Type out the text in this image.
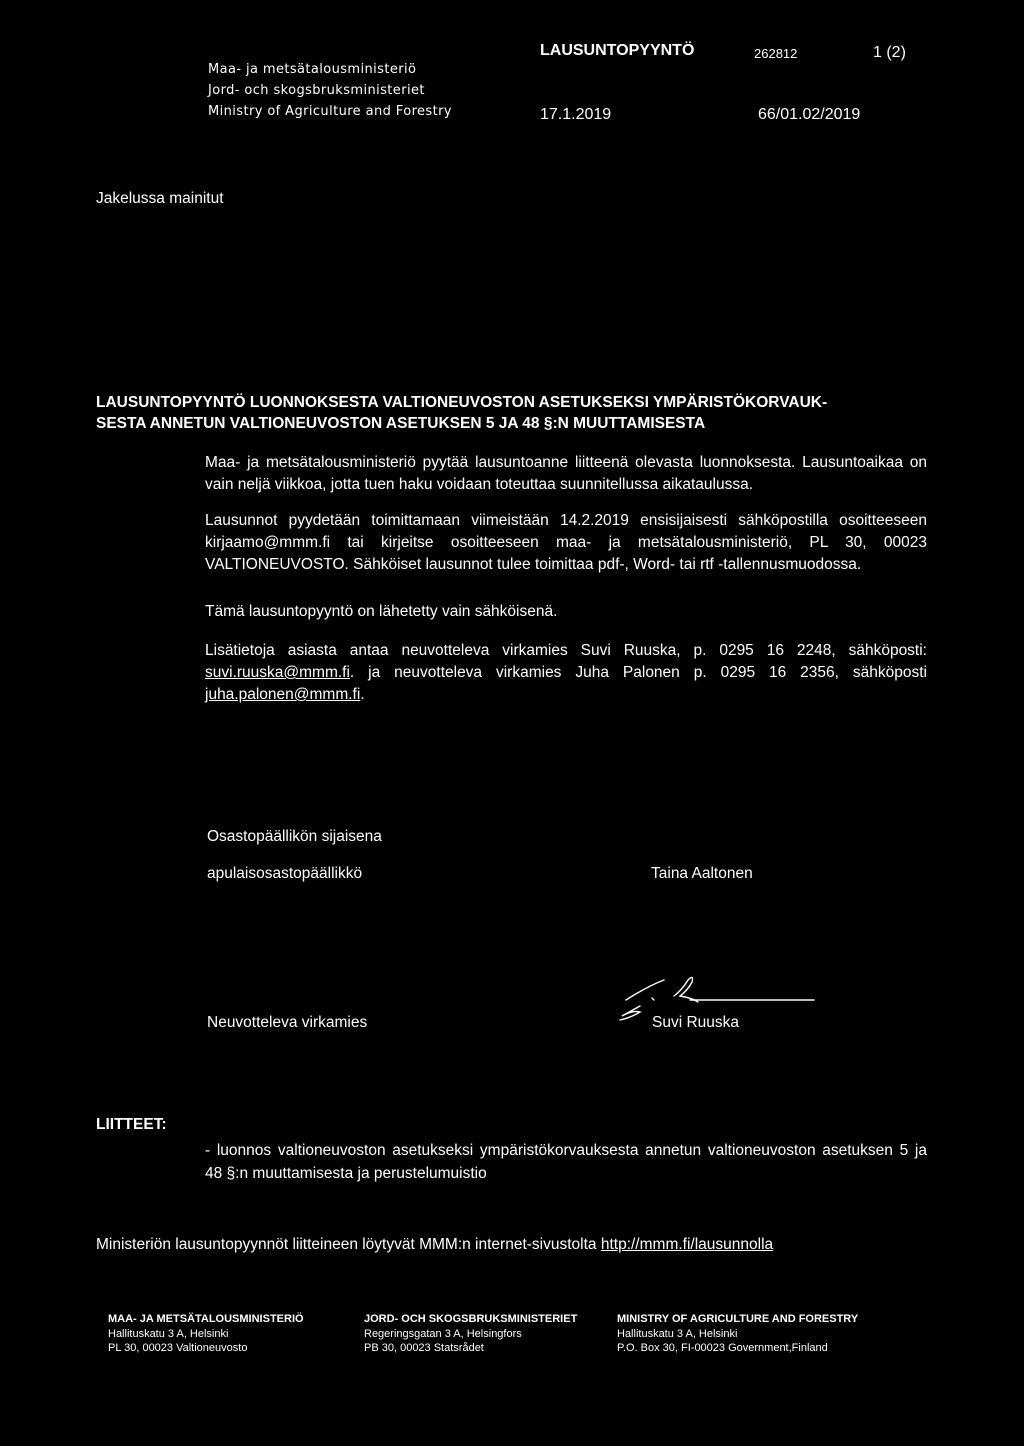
Maa- ja metsätalousministeriö
Jord- och skogsbruksministeriet
Ministry of Agriculture and Forestry
LAUSUNTOPYYNTÖ	262812	1 (2)
17.1.2019	66/01.02/2019
Jakelussa mainitut
LAUSUNTOPYYNTÖ LUONNOKSESTA VALTIONEUVOSTON ASETUKSEKSI YMPÄRISTÖKORVAUK-
SESTA ANNETUN VALTIONEUVOSTON ASETUKSEN 5 JA 48 §:N MUUTTAMISESTA
Maa- ja metsätalousministeriö pyytää lausuntoanne liitteenä olevasta luonnoksesta. Lausuntoaikaa on vain neljä viikkoa, jotta tuen haku voidaan toteuttaa suunnitellussa aikataulussa.
Lausunnot pyydetään toimittamaan viimeistään 14.2.2019 ensisijaisesti sähköpostilla osoitteeseen kirjaamo@mmm.fi tai kirjeitse osoitteeseen maa- ja metsätalousministeriö, PL 30, 00023 VALTIONEUVOSTO. Sähköiset lausunnot tulee toimittaa pdf-, Word- tai rtf -tallennusmuodossa.
Tämä lausuntopyyntö on lähetetty vain sähköisenä.
Lisätietoja asiasta antaa neuvotteleva virkamies Suvi Ruuska, p. 0295 16 2248, sähköposti: suvi.ruuska@mmm.fi. ja neuvotteleva virkamies Juha Palonen p. 0295 16 2356, sähköposti juha.palonen@mmm.fi.
Osastopäällikön sijaisena
apulaisosastopäällikkö	Taina Aaltonen
Neuvotteleva virkamies	Suvi Ruuska
LIITTEET:
- luonnos valtioneuvoston asetukseksi ympäristökorvauksesta annetun valtioneuvoston asetuksen 5 ja 48 §:n muuttamisesta ja perustelumuistio
Ministeriön lausuntopyynnöt liitteineen löytyvät MMM:n internet-sivustolta http://mmm.fi/lausunnolla
MAA- JA METSÄTALOUSMINISTERIÖ
Hallituskatu 3 A, Helsinki
PL 30, 00023 Valtioneuvosto
JORD- OCH SKOGSBRUKSMINISTERIET
Regeringsgatan 3 A, Helsingfors
PB 30, 00023 Statsrådet
MINISTRY OF AGRICULTURE AND FORESTRY
Hallituskatu 3 A, Helsinki
P.O. Box 30, FI-00023 Government,Finland
